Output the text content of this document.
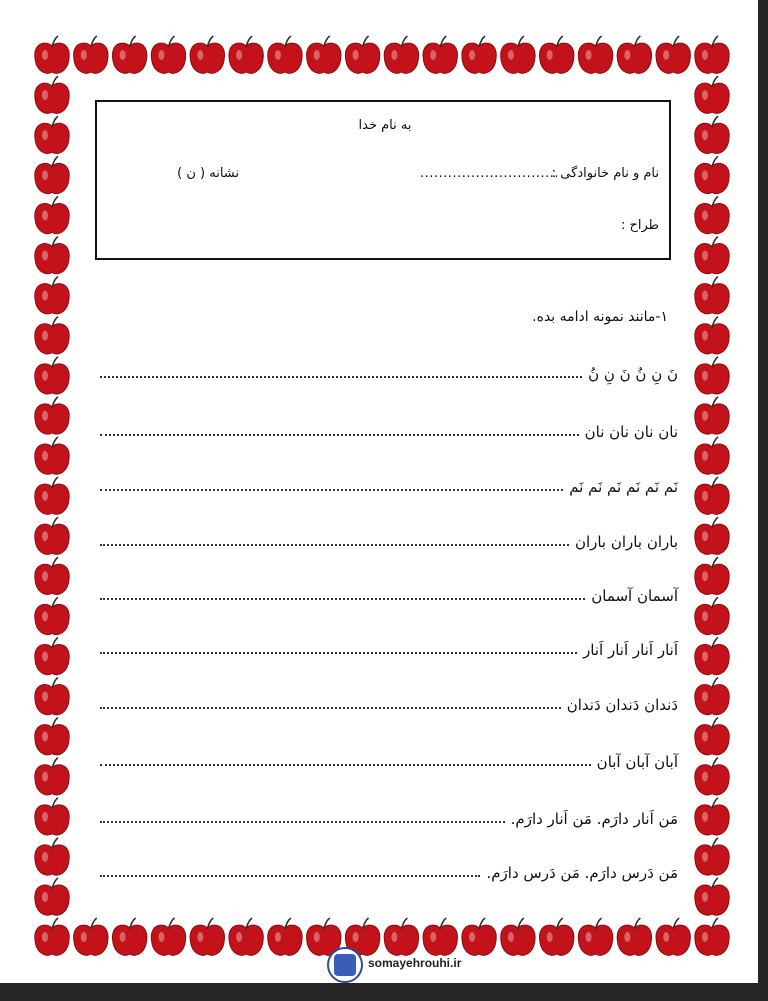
به نام خدا
نام و نام خانوادگی :
..............................
نشانه ( ن )
طراح :
۱-مانند نمونه ادامه بده.
نَ نِ نُ نَ نِ نُ
نان نان نان نان
نَم نَم نَم نَم نَم نَم
باران باران باران
آسمان آسمان
اَنار اَنار اَنار اَنار
دَندان دَندان دَندان
آبان آبان آبان
مَن اَنار دارَم. مَن اَنار دارَم.
مَن دَرس دارَم. مَن دَرس دارَم.
somayehrouhi.ir
